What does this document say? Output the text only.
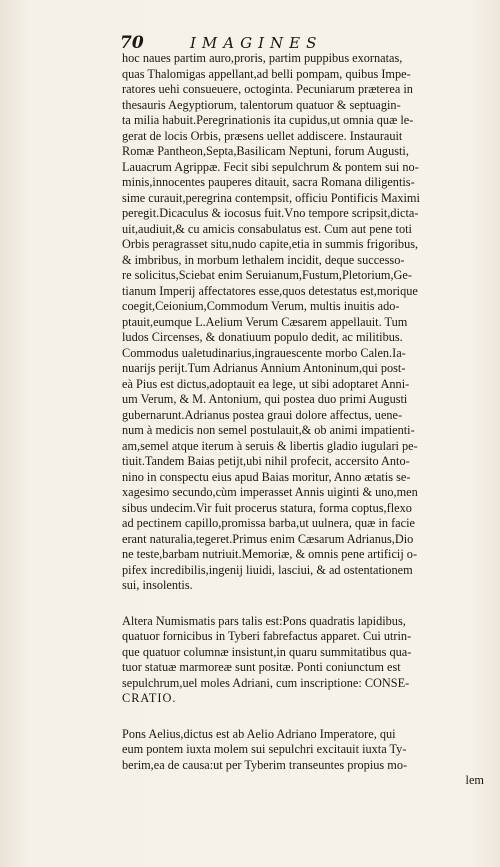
70	IMAGINES
hoc naues partim auro,proris, partim puppibus exornatas,
quas Thalomigas appellant,ad belli pompam, quibus Impe-
ratores uehi consueuere, octoginta. Pecuniarum præterea in
thesauris Aegyptiorum, talentorum quatuor & septuagin-
ta milia habuit.Peregrinationis ita cupidus,ut omnia quæ le-
gerat de locis Orbis, præsens uellet addiscere. Instaurauit
Romæ Pantheon,Septa,Basilicam Neptuni, forum Augusti,
Lauacrum Agrippæ. Fecit sibi sepulchrum & pontem sui no-
minis,innocentes pauperes ditauit, sacra Romana diligentis-
sime curauit,peregrina contempsit, officiu Pontificis Maximi
peregit.Dicaculus & iocosus fuit.Vno tempore scripsit,dicta-
uit,audiuit,& cu amicis consabulatus est. Cum aut pene toti
Orbis peragrasset situ,nudo capite,etia in summis frigoribus,
& imbribus, in morbum lethalem incidit, deque successo-
re solicitus,Sciebat enim Seruianum,Fustum,Pletorium,Ge-
tianum Imperij affectatores esse,quos detestatus est,morique
coegit,Ceionium,Commodum Verum, multis inuitis ado-
ptauit,eumque L.Aelium Verum Cæsarem appellauit. Tum
ludos Circenses, & donatiuum populo dedit, ac militibus.
Commodus ualetudinarius,ingrauescente morbo Calen.Ia-
nuarijs perijt.Tum Adrianus Annium Antoninum,qui post-
eà Pius est dictus,adoptauit ea lege, ut sibi adoptaret Anni-
um Verum, & M. Antonium, qui postea duo primi Augusti
gubernarunt.Adrianus postea graui dolore affectus, uene-
num à medicis non semel postulauit,& ob animi impatienti-
am,semel atque iterum à seruis & libertis gladio iugulari pe-
tiuit.Tandem Baias petijt,ubi nihil profecit, accersito Anto-
nino in conspectu eius apud Baias moritur, Anno ætatis se-
xagesimo secundo,cùm imperasset Annis uiginti & uno,men
sibus undecim.Vir fuit procerus statura, forma coptus,flexo
ad pectinem capillo,promissa barba,ut uulnera, quæ in facie
erant naturalia,tegeret.Primus enim Cæsarum Adrianus,Dio
ne teste,barbam nutriuit.Memoriæ, & omnis pene artificij o-
pifex incredibilis,ingenij liuidi, lasciui, & ad ostentationem
sui, insolentis.
Altera Numismatis pars talis est:Pons quadratis lapidibus,
quatuor fornicibus in Tyberi fabrefactus apparet. Cui utrin-
que quatuor columnæ insistunt,in quaru summitatibus qua-
tuor statuæ marmoreæ sunt positæ. Ponti coniunctum est
sepulchrum,uel moles Adriani, cum inscriptione: CONSE-
CRATIO.
Pons Aelius,dictus est ab Aelio Adriano Imperatore, qui
eum pontem iuxta molem sui sepulchri excitauit iuxta Ty-
berim,ea de causa:ut per Tyberim transeuntes propius mo-
lem
